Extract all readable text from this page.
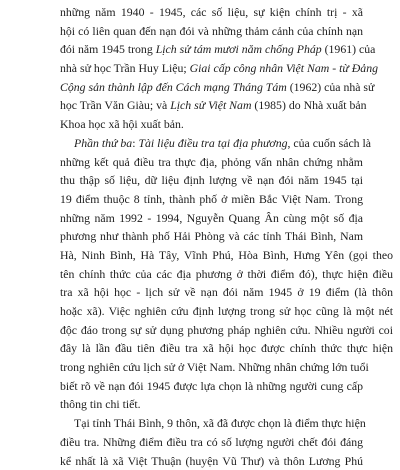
những năm 1940 - 1945, các số liệu, sự kiện chính trị - xã
hội có liên quan đến nạn đói và những thảm cảnh của chính nạn
đói năm 1945 trong Lịch sử tám mươi năm chống Pháp (1961) của
nhà sử học Trần Huy Liệu; Giai cấp công nhân Việt Nam - từ Đảng
Cộng sản thành lập đến Cách mạng Tháng Tám (1962) của nhà sử
học Trần Văn Giàu; và Lịch sử Việt Nam (1985) do Nhà xuất bản
Khoa học xã hội xuất bản.
Phần thứ ba: Tài liệu điều tra tại địa phương, của cuốn sách là
những kết quả điều tra thực địa, phỏng vấn nhân chứng nhằm
thu thập số liệu, dữ liệu định lượng về nạn đói năm 1945 tại
19 điểm thuộc 8 tỉnh, thành phố ở miền Bắc Việt Nam. Trong
những năm 1992 - 1994, Nguyễn Quang Ân cùng một số địa
phương như thành phố Hải Phòng và các tỉnh Thái Bình, Nam
Hà, Ninh Bình, Hà Tây, Vĩnh Phú, Hòa Bình, Hưng Yên (gọi theo
tên chính thức của các địa phương ở thời điểm đó), thực hiện điều
tra xã hội học - lịch sử về nạn đói năm 1945 ở 19 điểm (là thôn
hoặc xã). Việc nghiên cứu định lượng trong sử học cũng là một nét
độc đáo trong sự sử dụng phương pháp nghiên cứu. Nhiều người coi
đây là lần đầu tiên điều tra xã hội học được chính thức thực hiện
trong nghiên cứu lịch sử ở Việt Nam. Những nhân chứng lớn tuổi
biết rõ về nạn đói 1945 được lựa chọn là những người cung cấp
thông tin chi tiết.
Tại tỉnh Thái Bình, 9 thôn, xã đã được chọn là điểm thực hiện
điều tra. Những điểm điều tra có số lượng người chết đói đáng
kể nhất là xã Việt Thuận (huyện Vũ Thư) và thôn Lương Phú
